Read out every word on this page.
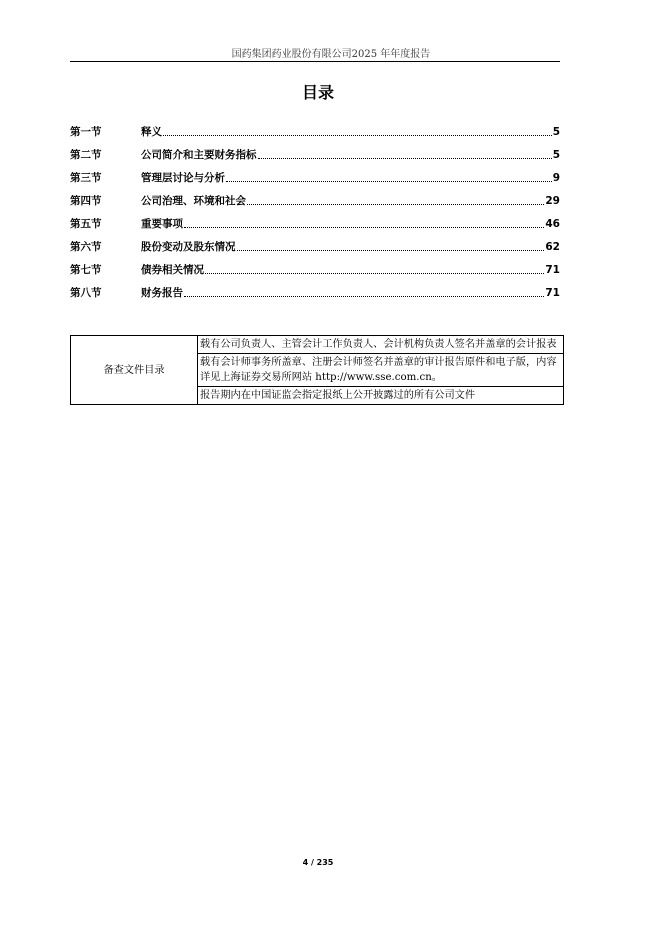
国药集团药业股份有限公司2025 年年度报告
目录
第一节	释义	5
第二节	公司简介和主要财务指标	5
第三节	管理层讨论与分析	9
第四节	公司治理、环境和社会	29
第五节	重要事项	46
第六节	股份变动及股东情况	62
第七节	债券相关情况	71
第八节	财务报告	71
备查文件目录	载有公司负责人、主管会计工作负责人、会计机构负责人签名并盖章的会计报表
载有会计师事务所盖章、注册会计师签名并盖章的审计报告原件和电子版，内容详见上海证券交易所网站 http://www.sse.com.cn。
报告期内在中国证监会指定报纸上公开披露过的所有公司文件
4 / 235
